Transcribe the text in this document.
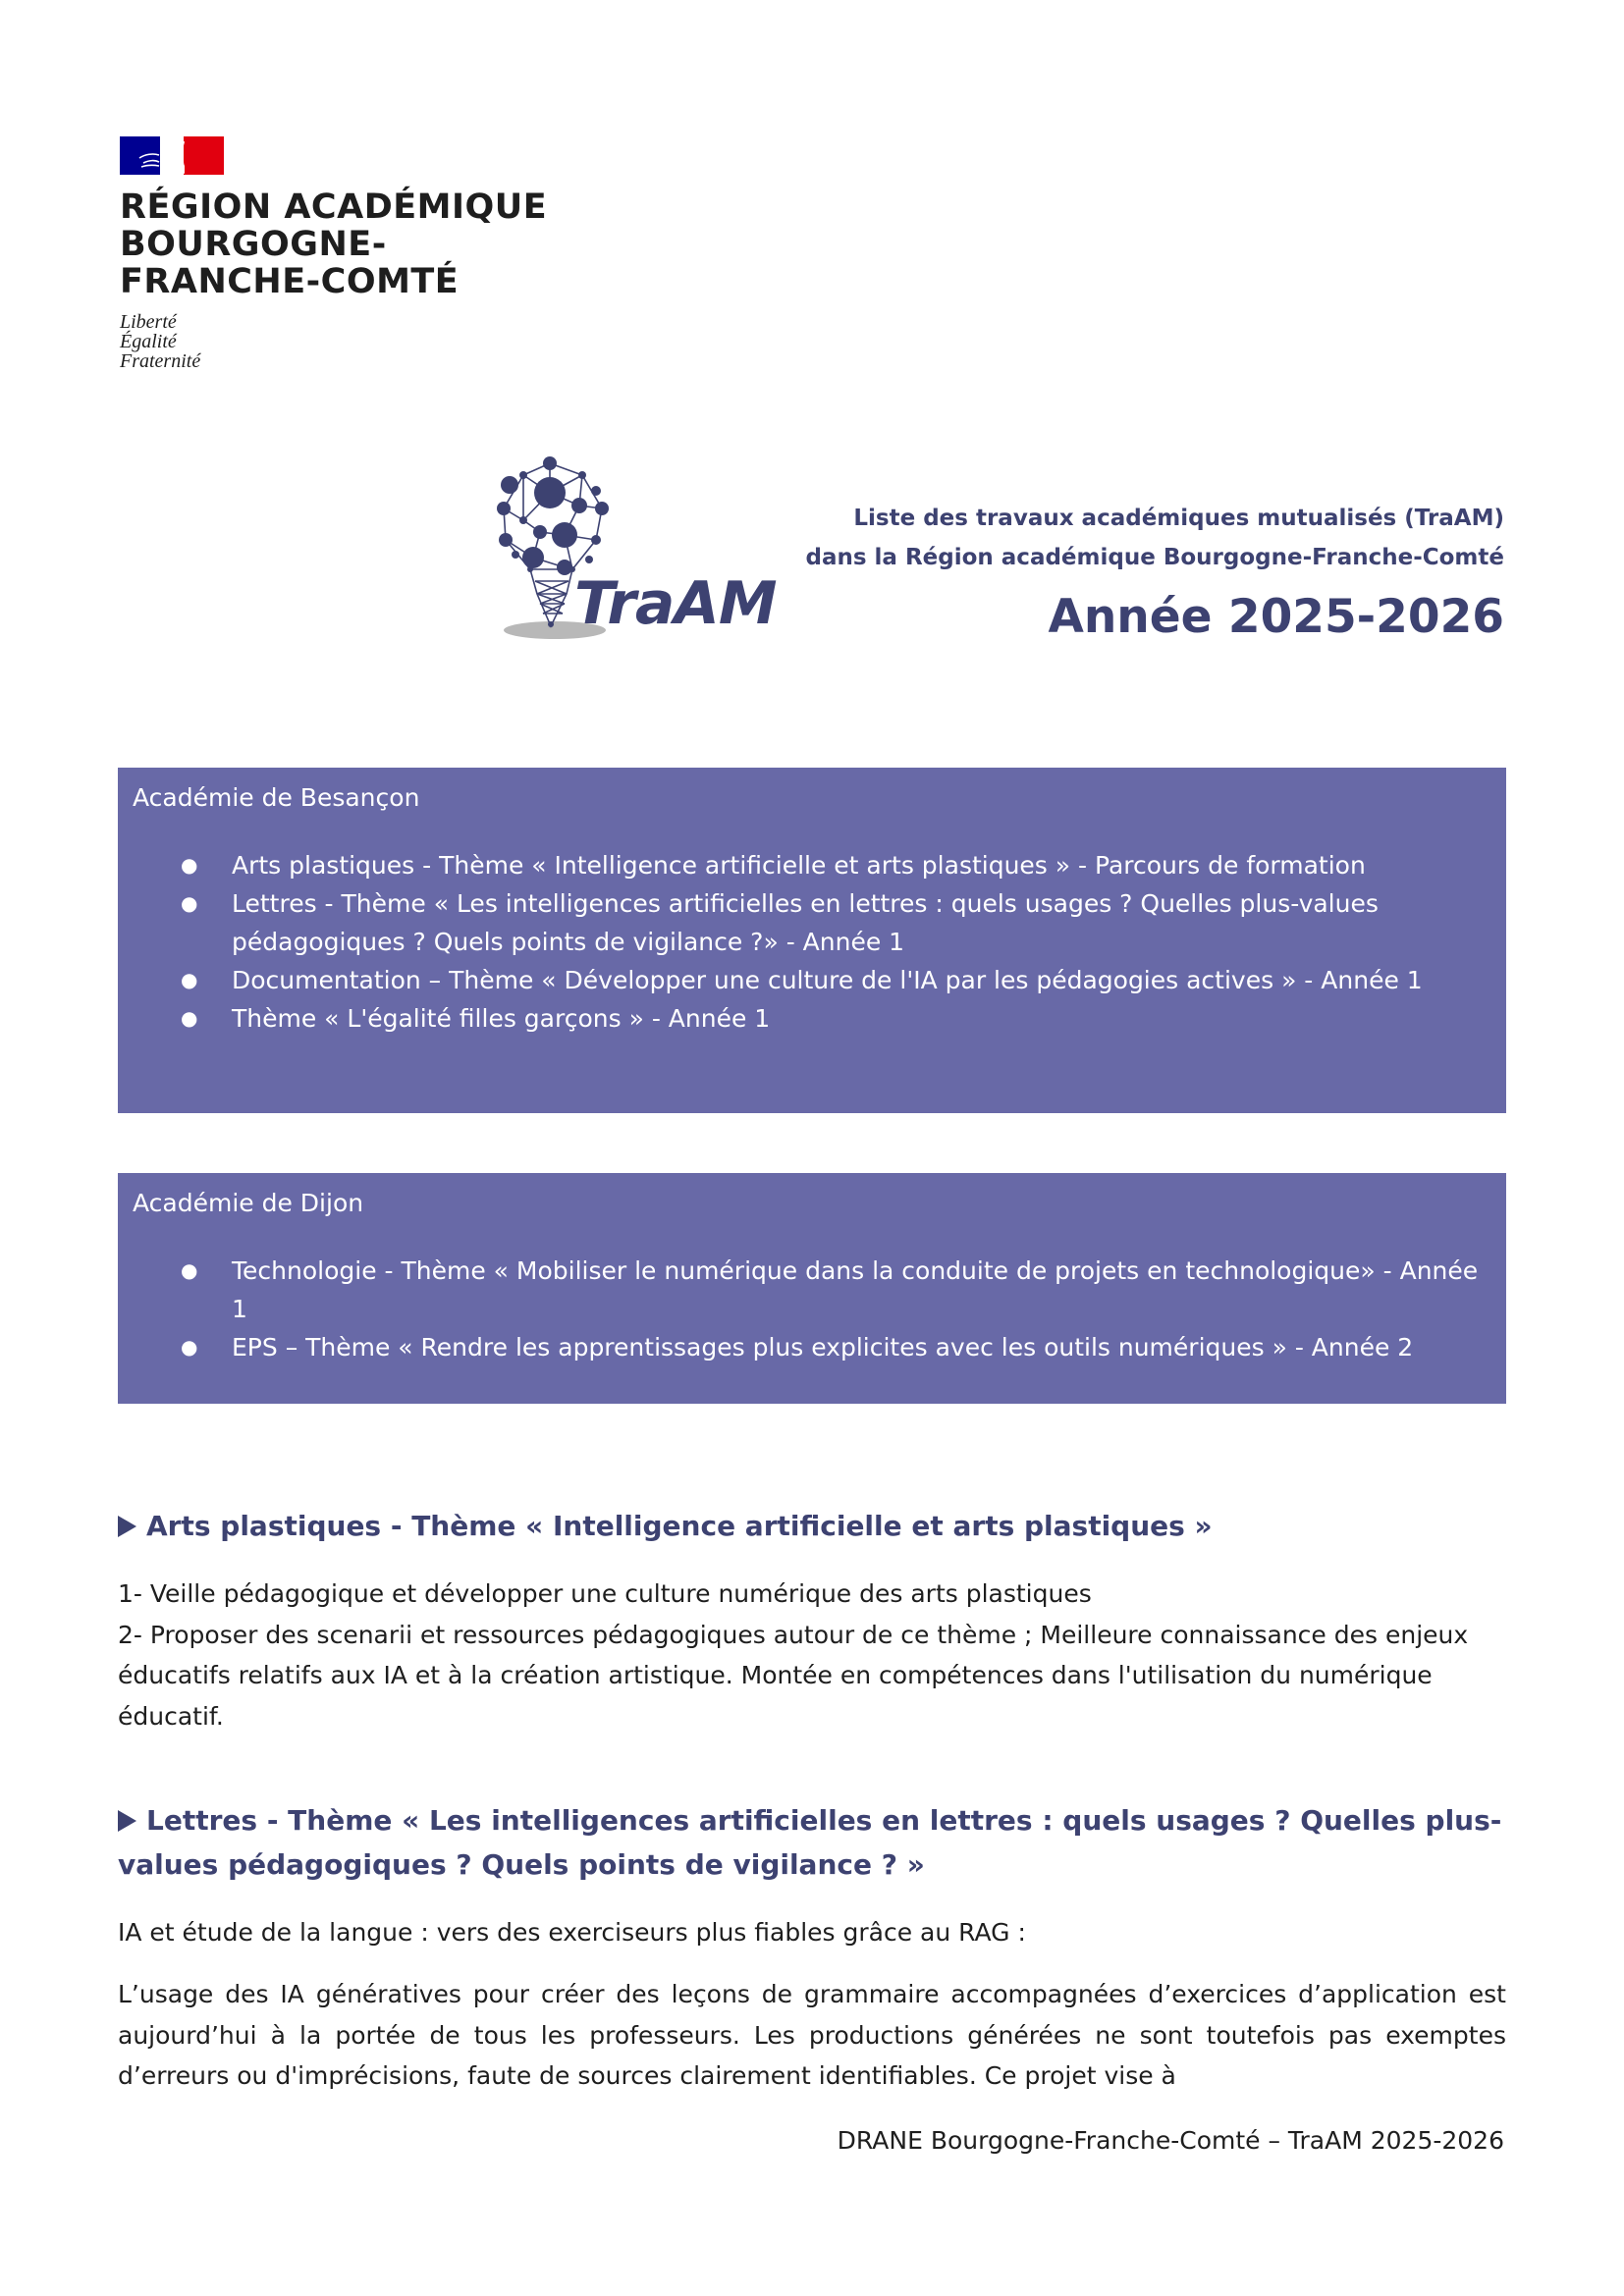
RÉGION ACADÉMIQUE
BOURGOGNE-
FRANCHE-COMTÉ
Liberté
Égalité
Fraternité
TraAM
Liste des travaux académiques mutualisés (TraAM)
dans la Région académique Bourgogne-Franche-Comté
Année 2025-2026
Académie de Besançon
● Arts plastiques - Thème « Intelligence artificielle et arts plastiques » - Parcours de formation
● Lettres - Thème « Les intelligences artificielles en lettres : quels usages ? Quelles plus-values pédagogiques ? Quels points de vigilance ?» - Année 1
● Documentation – Thème « Développer une culture de l'IA par les pédagogies actives » - Année 1
● Thème « L'égalité filles garçons » - Année 1
Académie de Dijon
● Technologie - Thème « Mobiliser le numérique dans la conduite de projets en technologique» - Année 1
● EPS – Thème « Rendre les apprentissages plus explicites avec les outils numériques » - Année 2
Arts plastiques - Thème « Intelligence artificielle et arts plastiques »

1- Veille pédagogique et développer une culture numérique des arts plastiques

2- Proposer des scenarii et ressources pédagogiques autour de ce thème ; Meilleure connaissance des enjeux éducatifs relatifs aux IA et à la création artistique. Montée en compétences dans l'utilisation du numérique éducatif.

Lettres - Thème « Les intelligences artificielles en lettres : quels usages ? Quelles plus-values pédagogiques ? Quels points de vigilance ? »

IA et étude de la langue : vers des exerciseurs plus fiables grâce au RAG :

L’usage des IA génératives pour créer des leçons de grammaire accompagnées d’exercices d’application est aujourd’hui à la portée de tous les professeurs. Les productions générées ne sont toutefois pas exemptes d’erreurs ou d'imprécisions, faute de sources clairement identifiables. Ce projet vise à

DRANE Bourgogne-Franche-Comté – TraAM 2025-2026
